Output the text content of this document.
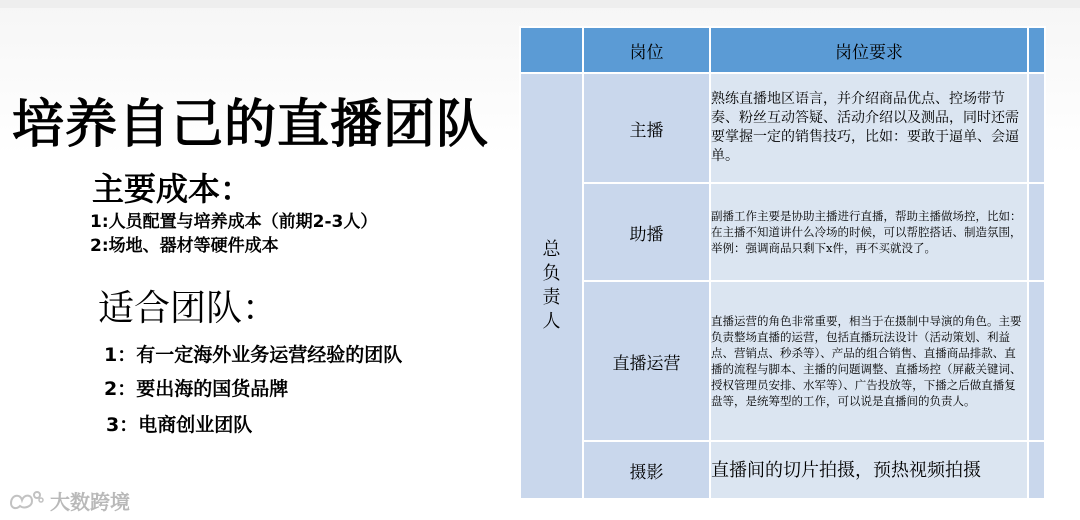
培养自己的直播团队
主要成本：
1:人员配置与培养成本（前期2-3人）
2:场地、器材等硬件成本
适合团队：
1：有一定海外业务运营经验的团队
2：要出海的国货品牌
3：电商创业团队
大数跨境
	岗位	岗位要求	

总
负
责
人	主播	熟练直播地区语言，并介绍商品优点、控场带节奏、粉丝互动答疑、活动介绍以及测品，同时还需要掌握一定的销售技巧，比如：要敢于逼单、会逼单。	

	助播	副播工作主要是协助主播进行直播，帮助主播做场控，比如：在主播不知道讲什么冷场的时候，可以帮腔搭话、制造氛围，举例：强调商品只剩下x件，再不买就没了。	

	直播运营	直播运营的角色非常重要，相当于在摄制中导演的角色。主要负责整场直播的运营，包括直播玩法设计（活动策划、利益点、营销点、秒杀等）、产品的组合销售、直播商品排款、直播的流程与脚本、主播的问题调整、直播场控（屏蔽关键词、授权管理员安排、水军等）、广告投放等，下播之后做直播复盘等，是统筹型的工作，可以说是直播间的负责人。	

	摄影	直播间的切片拍摄，预热视频拍摄	
